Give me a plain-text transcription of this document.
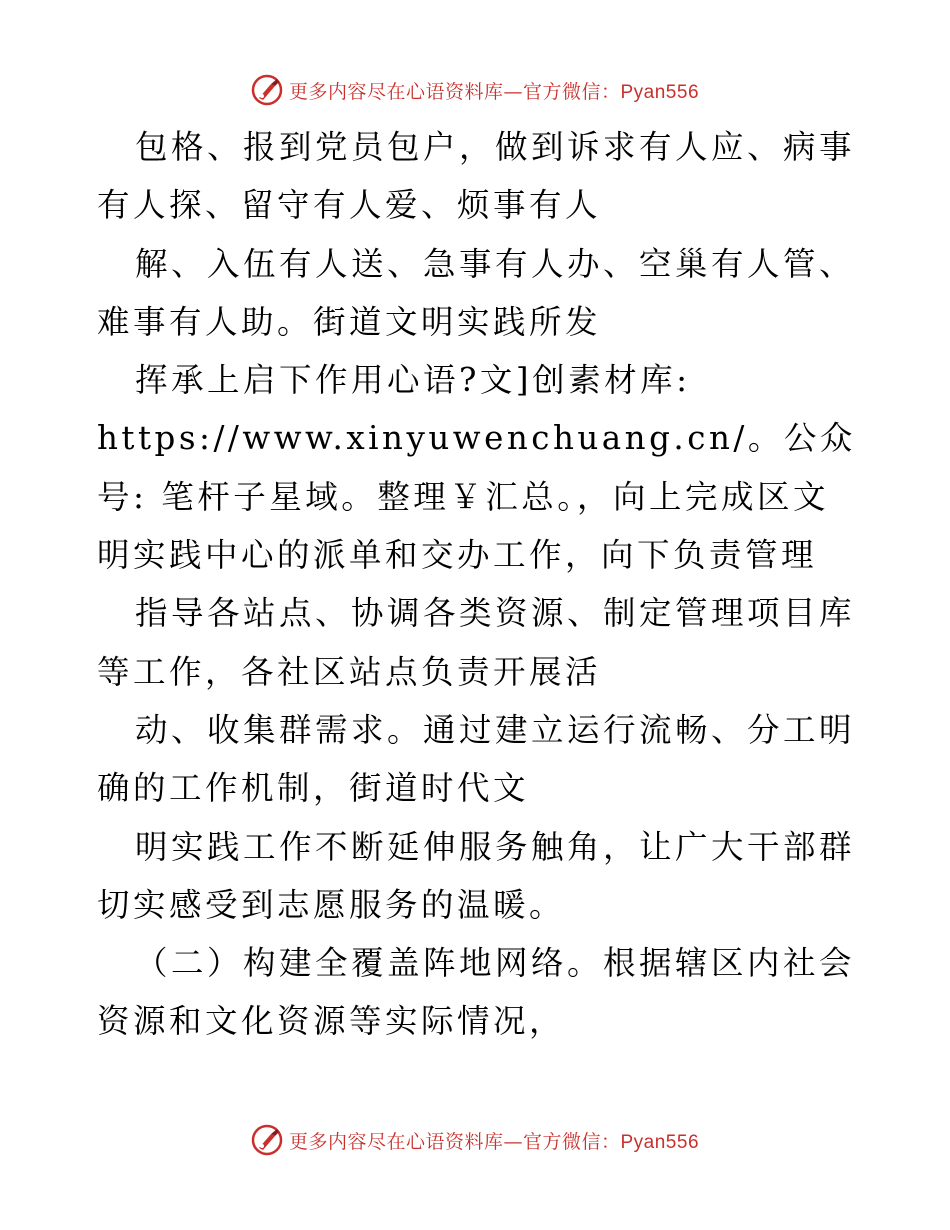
更多内容尽在心语资料库—官方微信：Pyan556

包格、报到党员包户，做到诉求有人应、病事有人探、留守有人爱、烦事有人

解、入伍有人送、急事有人办、空巢有人管、难事有人助。街道文明实践所发

挥承上启下作用心语?文]创素材库: https://www.xinyuwenchuang.cn/。公众号: 笔杆子星域。整理￥汇总。，向上完成区文明实践中心的派单和交办工作，向下负责管理

指导各站点、协调各类资源、制定管理项目库等工作，各社区站点负责开展活

动、收集群需求。通过建立运行流畅、分工明确的工作机制，街道时代文

明实践工作不断延伸服务触角，让广大干部群切实感受到志愿服务的温暖。

（二）构建全覆盖阵地网络。根据辖区内社会资源和文化资源等实际情况，

更多内容尽在心语资料库—官方微信：Pyan556
